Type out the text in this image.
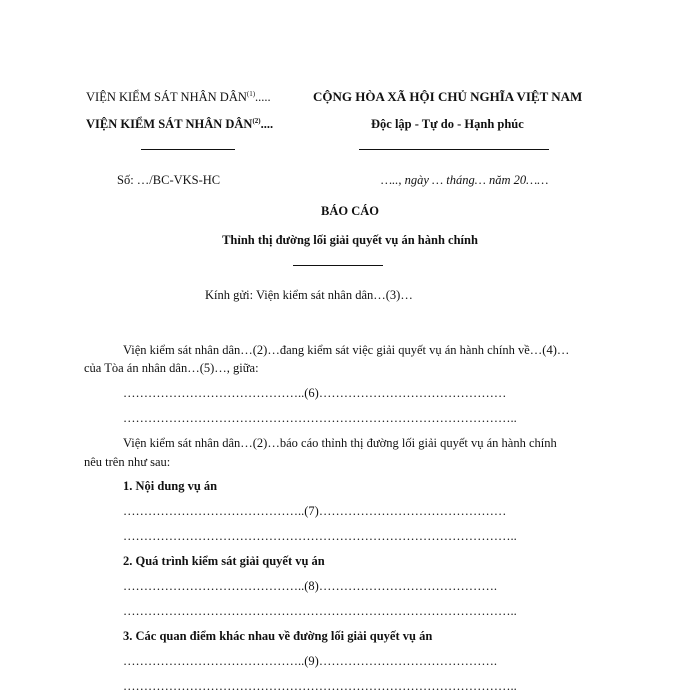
VIỆN KIỂM SÁT NHÂN DÂN$^{(1)}$.....
VIỆN KIỂM SÁT NHÂN DÂN$^{(2)}$....
CỘNG HÒA XÃ HỘI CHỦ NGHĨA VIỆT NAM
Độc lập - Tự do - Hạnh phúc
Số: …/BC-VKS-HC	….., ngày … tháng… năm 20……
BÁO CÁO
Thỉnh thị đường lối giải quyết vụ án hành chính
Kính gửi: Viện kiểm sát nhân dân…(3)…
Viện kiểm sát nhân dân…(2)…đang kiểm sát việc giải quyết vụ án hành chính về…(4)…
của Tòa án nhân dân…(5)…, giữa:
……………………………………..(6)………………………………………
…………………………………………………………………………………..
Viện kiểm sát nhân dân…(2)…báo cáo thỉnh thị đường lối giải quyết vụ án hành chính
nêu trên như sau:
1. Nội dung vụ án
……………………………………..(7)………………………………………
…………………………………………………………………………………..
2. Quá trình kiểm sát giải quyết vụ án
……………………………………..(8)…………………………………….
…………………………………………………………………………………..
3. Các quan điểm khác nhau về đường lối giải quyết vụ án
……………………………………..(9)…………………………………….
…………………………………………………………………………………..
